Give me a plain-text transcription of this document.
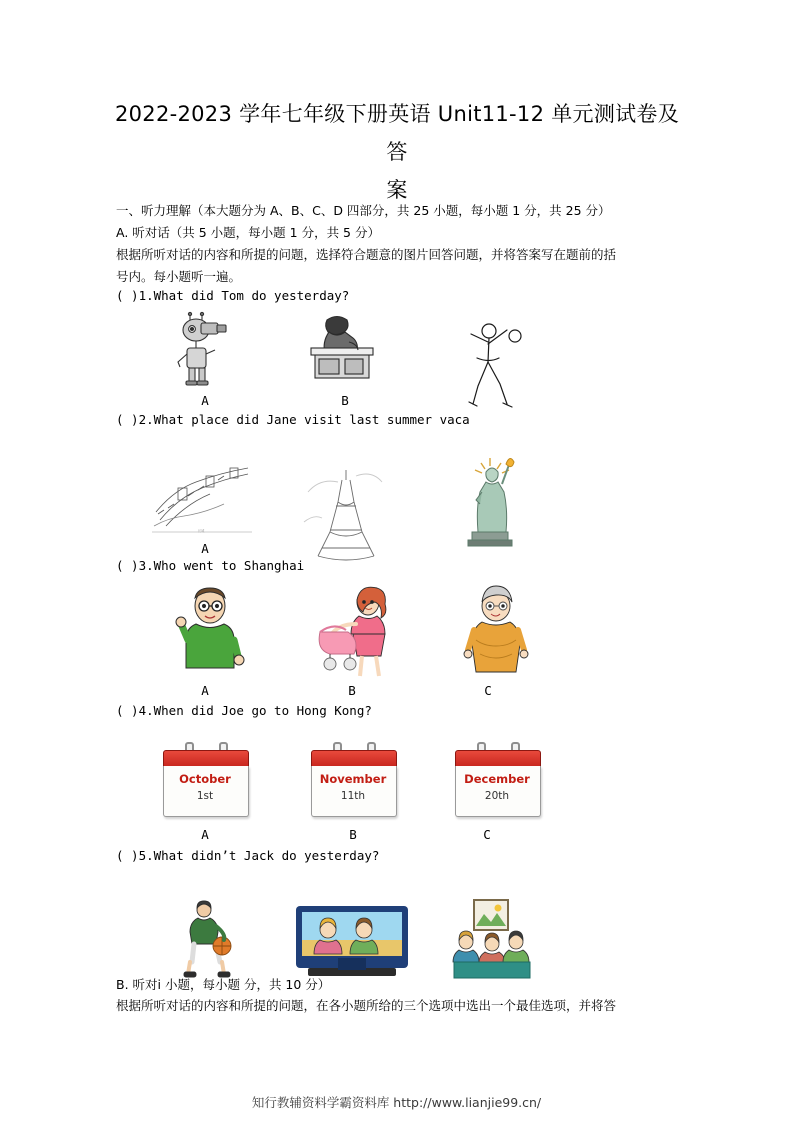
2022-2023 学年七年级下册英语 Unit11-12 单元测试卷及答
案
一、听力理解（本大题分为 A、B、C、D 四部分，共 25 小题，每小题 1 分，共 25 分）
A. 听对话（共 5 小题，每小题 1 分，共 5 分）
根据所听对话的内容和所提的问题，选择符合题意的图片回答问题，并将答案写在题前的括
号内。每小题听一遍。
( )1.What did Tom do yesterday?
A	B
( )2.What place did Jane visit last summer vaca
长城
A
( )3.Who went to Shanghai
A	B	C
( )4.When did Joe go to Hong Kong?
October
1st
November
11th
December
20th
A	B	C
( )5.What didn’t Jack do yesterday?
B. 听对i 小题，每小题 分，共 10 分）
根据所听对话的内容和所提的问题，在各小题所给的三个选项中选出一个最佳选项，并将答
知行教辅资料学霸资料库 http://www.lianjie99.cn/
